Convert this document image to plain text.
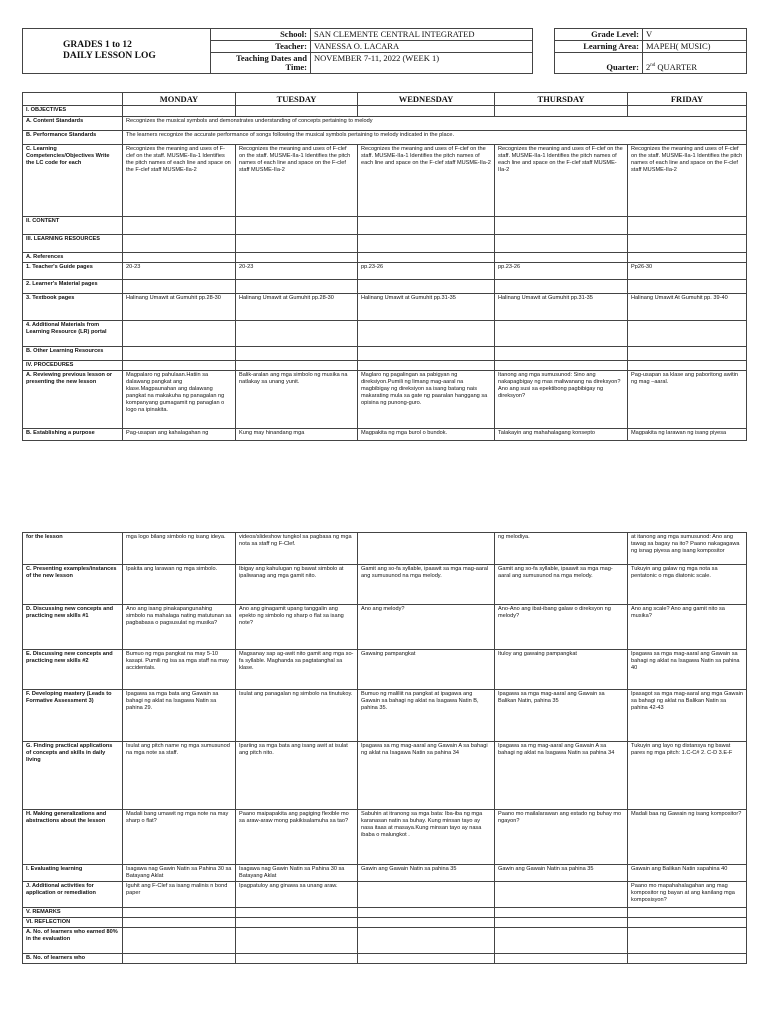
GRADES 1 to 12
DAILY LESSON LOG	School:	SAN CLEMENTE CENTRAL INTEGRATED		Grade Level:	V
	Teacher:	VANESSA O. LACARA		Learning Area:	MAPEH( MUSIC)
	Teaching Dates and Time:	NOVEMBER 7-11, 2022 (WEEK 1)		Quarter:	2nd QUARTER
	MONDAY	TUESDAY	WEDNESDAY	THURSDAY	FRIDAY
I. OBJECTIVES					
A. Content Standards	Recognizes the musical symbols and demonstrates understanding of concepts pertaining to melody				
B. Performance Standards	The learners recognize the accurate performance of songs following the musical symbols pertaining to melody indicated in the place.				
C. Learning Competencies/Objectives Write the LC code for each	Recognizes the meaning and uses of F-clef on the staff. MUSME-IIa-1 Identifies the pitch names of each line and space on the F-clef staff MUSME-IIa-2	Recognizes the meaning and uses of F-clef on the staff. MUSME-IIa-1 Identifies the pitch names of each line and space on the F-clef staff MUSME-IIa-2	Recognizes the meaning and uses of F-clef on the staff. MUSME-IIa-1 Identifies the pitch names of each line and space on the F-clef staff MUSME-IIa-2	Recognizes the meaning and uses of F-clef on the staff. MUSME-IIa-1 Identifies the pitch names of each line and space on the F-clef staff MUSME-IIa-2	Recognizes the meaning and uses of F-clef on the staff. MUSME-IIa-1 Identifies the pitch names of each line and space on the F-clef staff MUSME-IIa-2
II. CONTENT					
III. LEARNING RESOURCES					
A. References					
1. Teacher's Guide pages	20-23	20-23	pp.23-26	pp.23-26	Pp26-30
2. Learner's Material pages					
3. Textbook pages	Halinang Umawit at Gumuhit pp.28-30	Halinang Umawit at Gumuhit pp.28-30	Halinang Umawit at Gumuhit pp.31-35	Halinang Umawit at Gumuhit pp.31-35	Halinang Umawit At Gumuhit pp. 39-40
4. Additional Materials from Learning Resource (LR) portal					
B. Other Learning Resources					
IV. PROCEDURES					
A. Reviewing previous lesson or presenting the new lesson	Magpalaro ng pahulaan.Hatiin sa dalawang pangkat ang klase.Magpaunahan ang dalawang pangkat na makakuha ng panagalan ng kompanyang gumagamit ng panaglan o logo na ipinakita.	Balik-aralan ang mga simbolo ng musika na natlakay sa unang yunit.	Maglaro ng pagalingan sa pabigyan ng direksiyon.Pumili ng limang mag-aaral na magbibigay ng direksiyon sa isang batang nais makarating mula sa gate ng paaralan hanggang sa opisina ng punong-guro.	Itanong ang mga sumusunod: Sino ang nakapagbigay ng mas maliwanang na direksyon? Ano ang susi sa epektibong pagbibigay ng direksyon?	Pag-usapan sa klase ang paboritong awitin ng mag –aaral.
B. Establishing a purpose	Pag-usapan ang kahalagahan ng	Kung may hinandang mga	Magpakita ng mga burol o bundok.	Talakayin ang mahahalagang konsepto	Magpakita ng larawan ng isang piyesa
for the lesson	mga logo bilang simbolo ng isang ideya.	videos/slideshow tungkol sa pagbasa ng mga nota sa staff ng F-Clef.		ng melodiya.	at itanong ang mga sumusunod: Ano ang tawag sa bagay na ito? Paano nakagagawa ng isnag piyesa ang isang kompositor
C. Presenting examples/instances of the new lesson	Ipakita ang larawan ng mga simbolo.	Ibigay ang kahulugan ng bawat simbolo at ipaliwanag ang mga gamit nito.	Gamit ang so-fa syllable, ipaawit sa mga mag-aaral ang sumusunod na mga melody.	Gamit ang so-fa syllable, ipaawit sa mga mag-aaral ang sumusunod na mga melody.	Tukuyin ang galaw ng mga nota sa pentatonic o mga diatonic scale.
D. Discussing new concepts and practicing new skills #1	Ano ang isang pinakapangunahing simbolo na mahalaga nating matutunan sa pagbabasa o pagsusulat ng musika?	Ano ang ginagamit upang tanggalin ang epekto ng simbolo ng sharp o flat sa isang note?	Ano ang melody?	Ano-Ano ang ibat-ibang galaw o direksyon ng melody?	Ano ang scale? Ano ang gamit nito sa musika?
E. Discussing new concepts and practicing new skills #2	Bumuo ng mga pangkat na may 5-10 kasapi. Pumili ng isa sa mga staff na may accidentals.	Magsanay sap ag-awit nito gamit ang mga so-fa syllable. Maghanda sa pagtatanghal sa klase.	Gawaing pampangkat	Ituloy ang gawaing pampangkat	Ipagawa sa mga mag-aaral ang Gawain sa bahagi ng aklat na Isagawa Natin sa pahina 40
F. Developing mastery (Leads to Formative Assessment 3)	Ipagawa sa mga bata ang Gawain sa bahagi ng aklat na Isagawa Natin sa pahina 29.	Isulat ang panagalan ng simbolo na tinutukoy.	Bumuo ng maliliit na pangkat at ipagawa ang Gawain sa bahagi ng aklat na Isagawa Natin B, pahina 35.	Ipagawa sa mga mag-aaral ang Gawain sa Balikan Natin, pahina 35	Ipasagot sa mga mag-aaral ang mga Gawain sa bahagi ng aklat na Balikan Natin sa pahina 42-43
G. Finding practical applications of concepts and skills in daily living	Isulat ang pitch name ng mga sumusunod na mga note sa staff.	Ipariing sa mga bata ang isang awit at isulat ang pitch nito.	Ipagawa sa mg mag-aaral ang Gawain A sa bahagi ng aklat na Isagawa Natin sa pahina 34	Ipagawa sa mg mag-aaral ang Gawain A sa bahagi ng aklat na Isagawa Natin sa pahina 34	Tukuyin ang layo ng distansya ng bawat pares ng mga pitch: 1.C-C# 2. C-D 3.E-F
H. Making generalizations and abstractions about the lesson	Madali bang umawit ng mga note na may sharp o flat?	Paano maipapakita ang pagiging flexible mo sa araw-araw mong pakikisalamuha sa tao?	Sabuhin at itranong sa mga bata: Iba-iba ng mga karanasan natin sa buhay. Kung minsan tayo ay nasa itaas at masaya.Kung minsan tayo ay nasa ibaba o malungkot .	Paano mo mailalarawan ang estado ng buhay mo ngayon?	Madali baa ng Gawain ng isang kompositor?
I. Evaluating learning	Isagawa nag Gawin Natin sa Pahina 30 sa Batayang Aklat	Isagawa nag Gawin Natin sa Pahina 30 sa Batayang Aklat	Gawin ang Gawain Natin sa pahina 35	Gawin ang Gawain Natin sa pahina 35	Gawain ang Balikan Natin sapahina 40
J. Additional activities for application or remediation	Iguhit ang F-Clef sa isang malinis n bond paper	Ipagpatuloy ang ginawa sa unang araw.			Paano mo mapahahalagahan ang mag kompositor ng bayan at ang kanilang mga komposisyon?
V. REMARKS					
VI. REFLECTION					
A. No. of learners who earned 80% in the evaluation					
B. No. of learners who					
